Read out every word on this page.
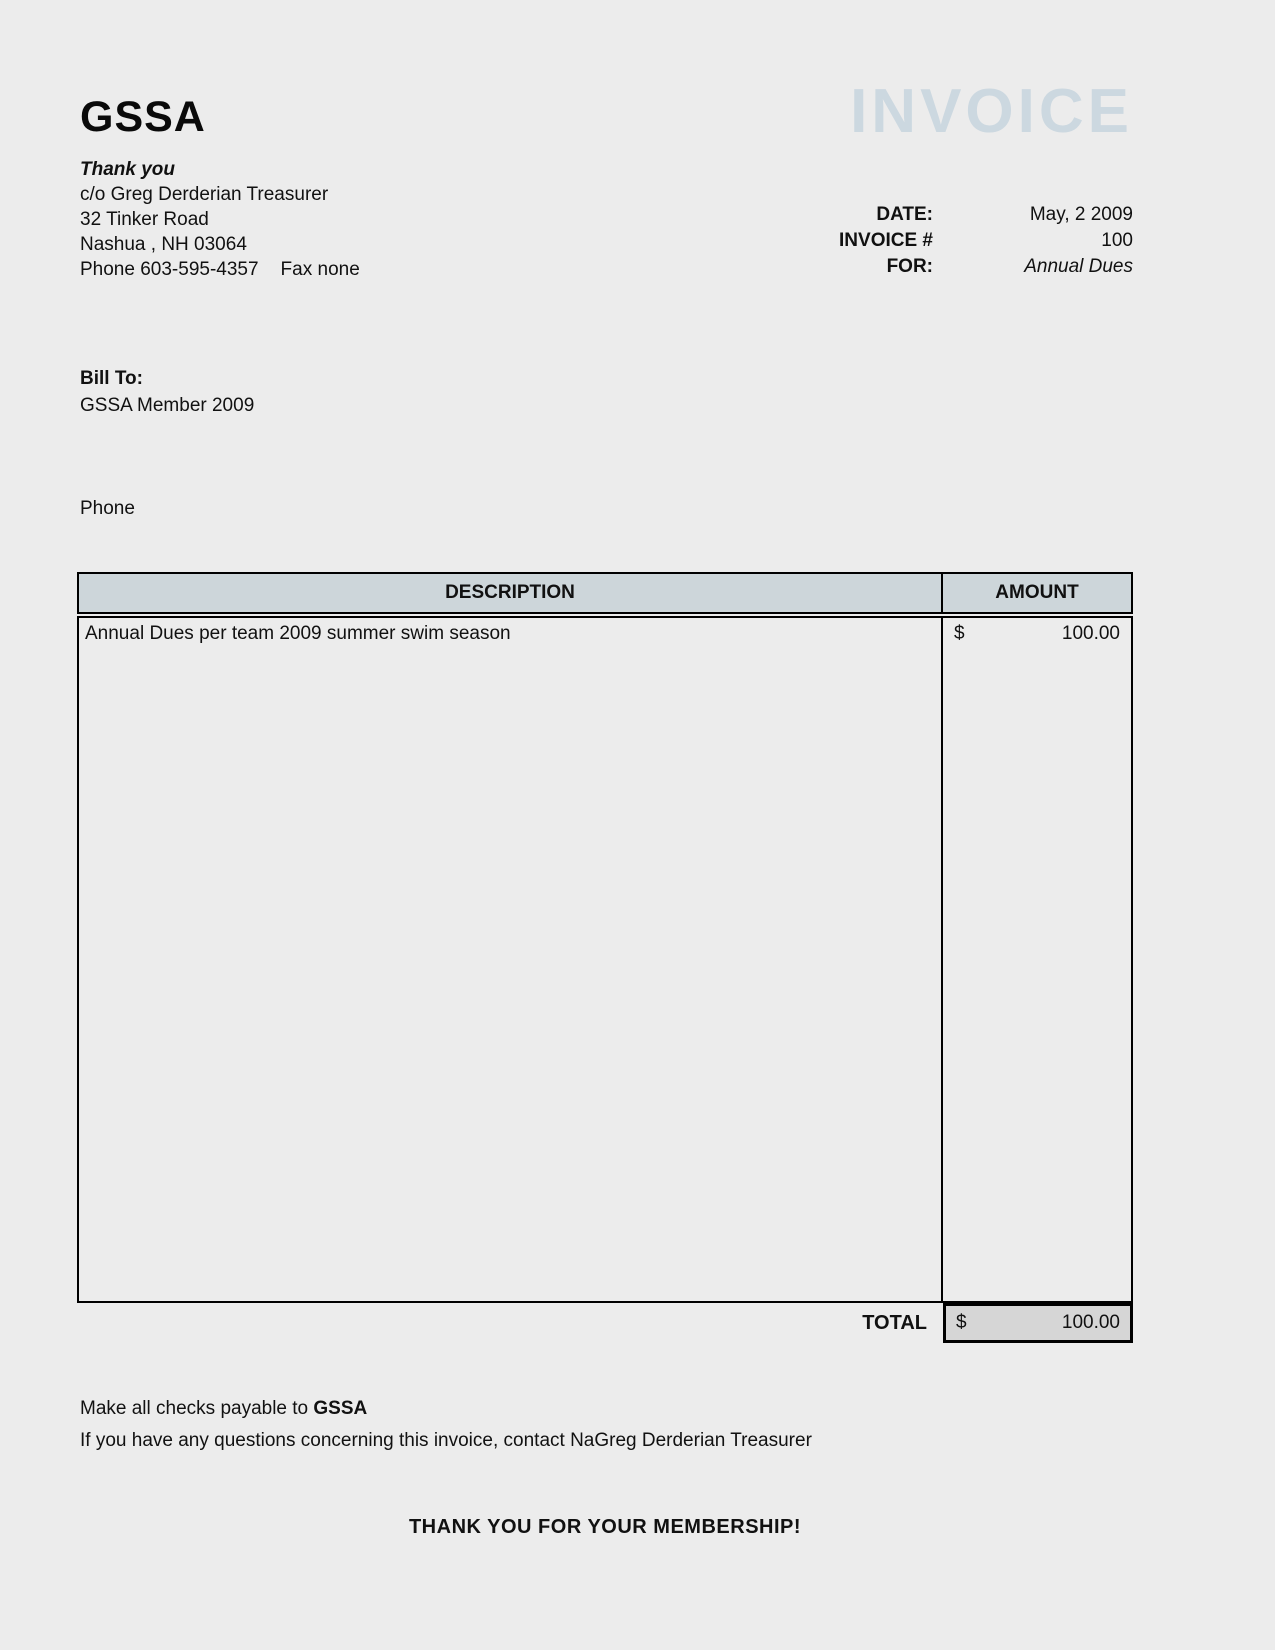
GSSA	INVOICE
Thank you
c/o Greg Derderian Treasurer
32 Tinker Road
Nashua , NH 03064
Phone 603-595-4357 Fax none
DATE:	May, 2 2009
INVOICE #	100
FOR:	Annual Dues
Bill To:
GSSA Member 2009
Phone
DESCRIPTION	AMOUNT
Annual Dues per team 2009 summer swim season	$	100.00
TOTAL	$	100.00
Make all checks payable to GSSA
If you have any questions concerning this invoice, contact NaGreg Derderian Treasurer
THANK YOU FOR YOUR MEMBERSHIP!
